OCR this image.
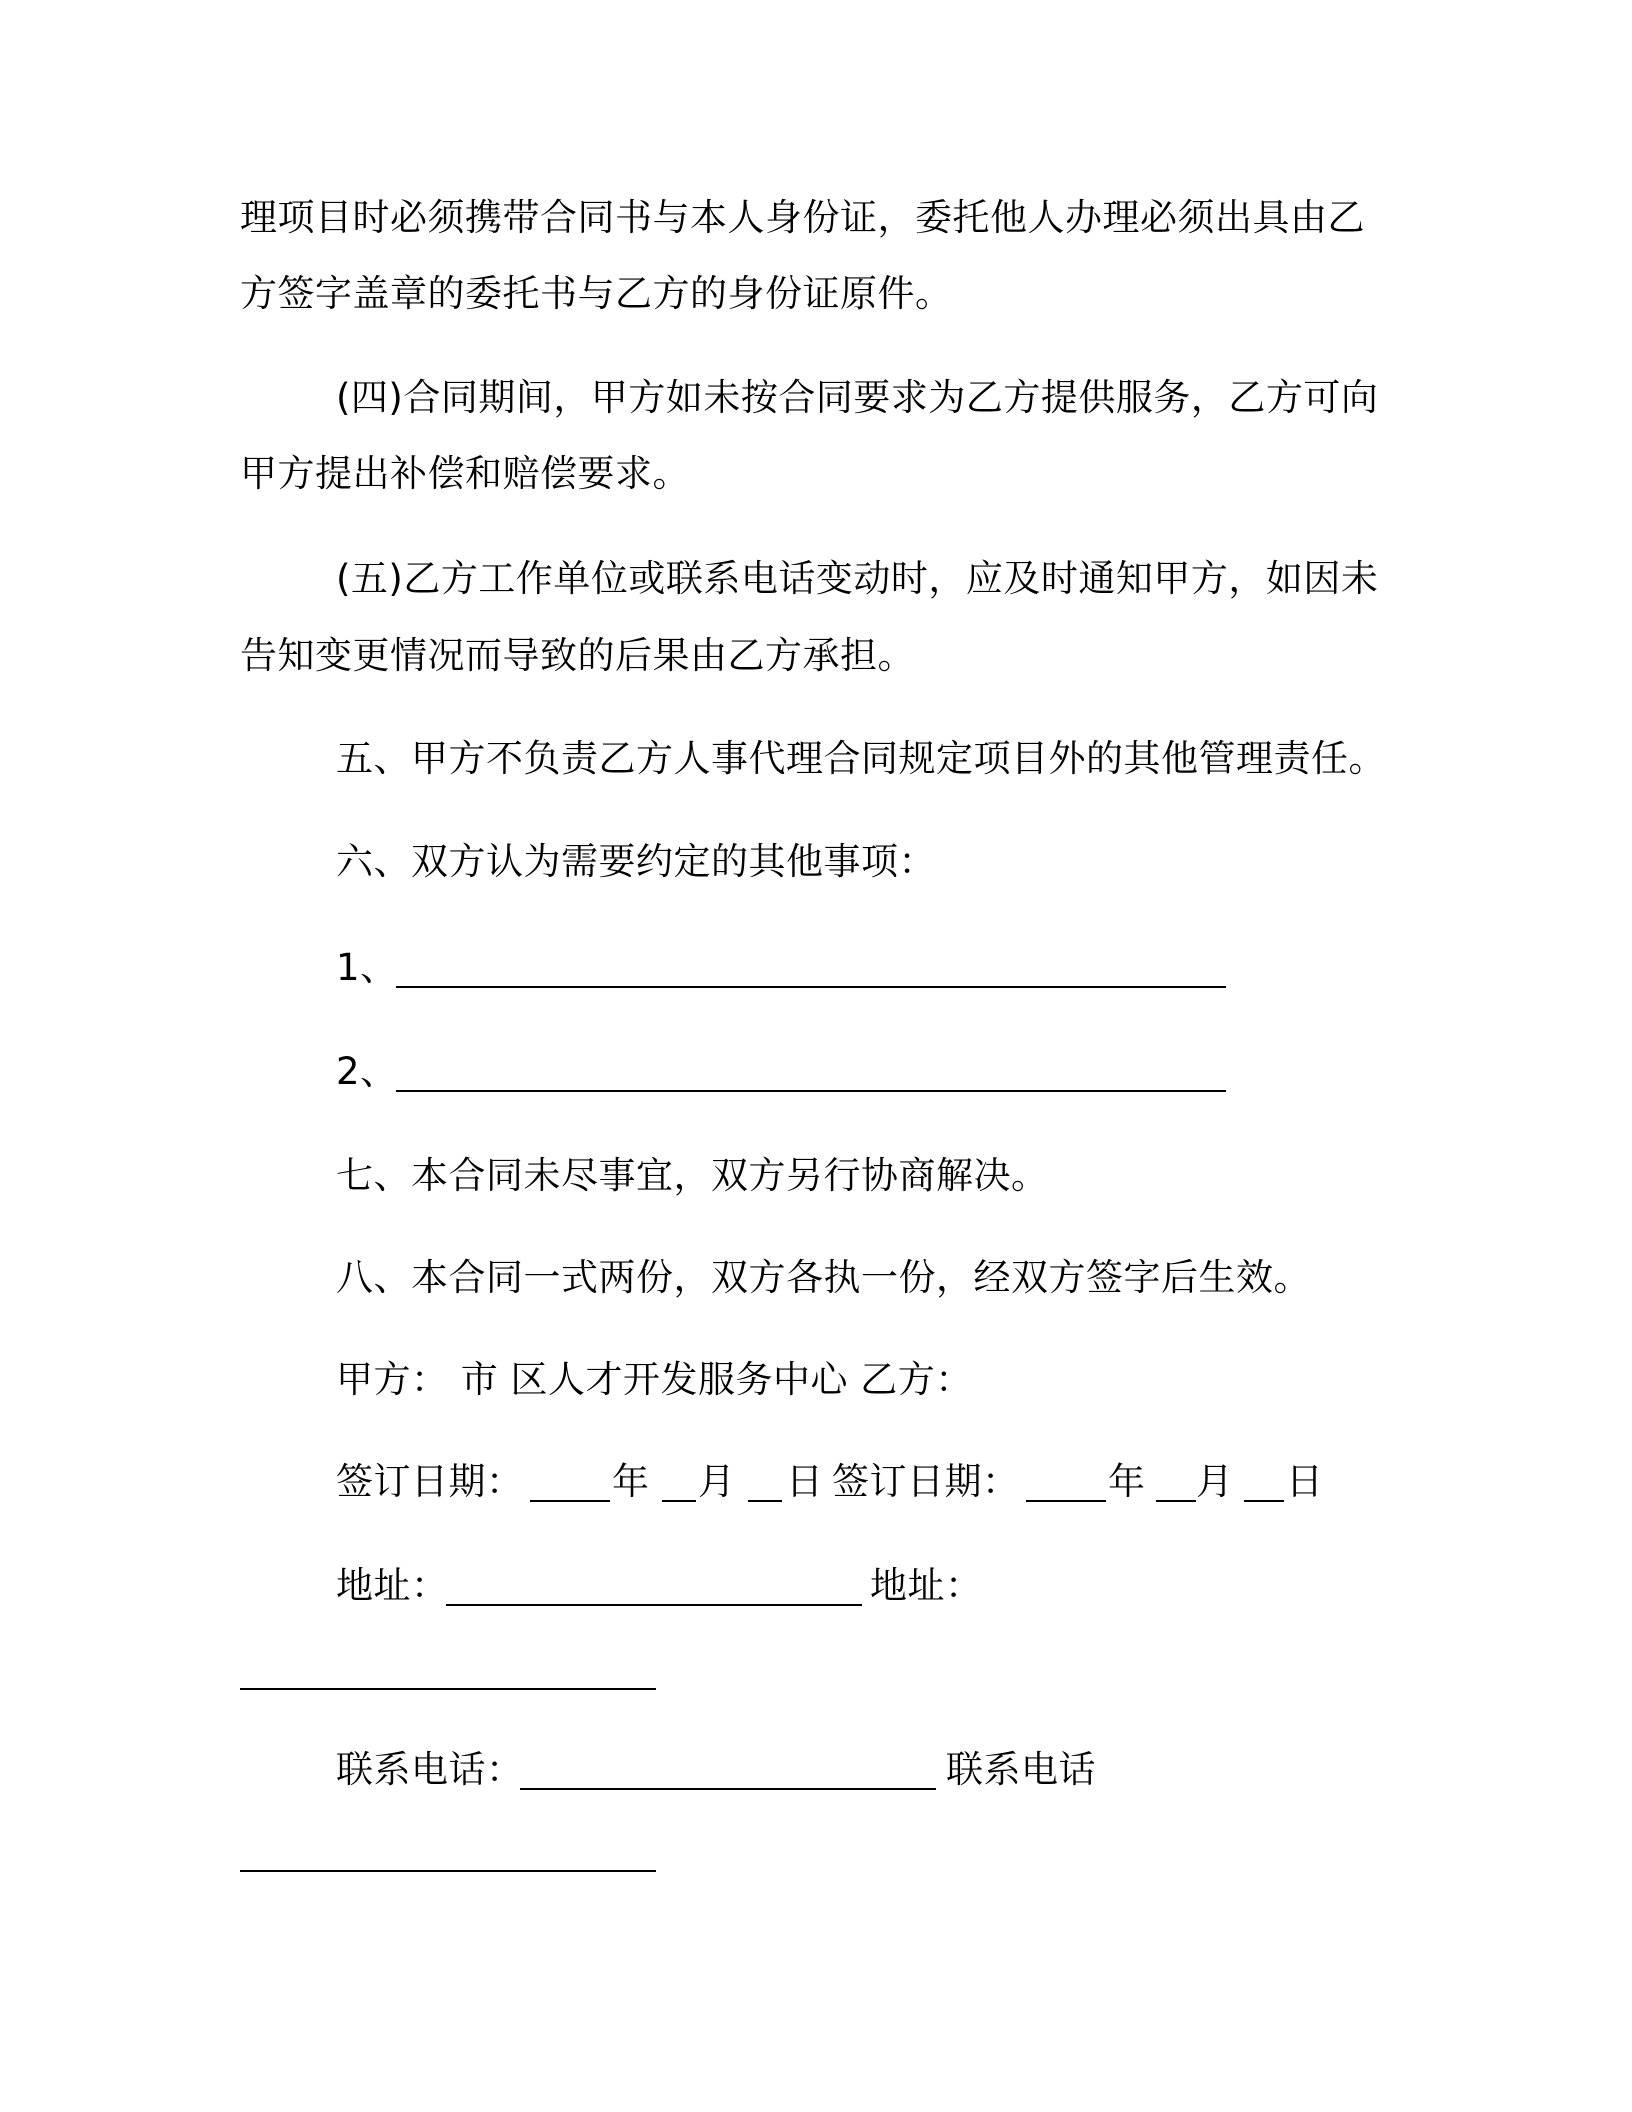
理项目时必须携带合同书与本人身份证，委托他人办理必须出具由乙
方签字盖章的委托书与乙方的身份证原件。
(四)合同期间，甲方如未按合同要求为乙方提供服务，乙方可向
甲方提出补偿和赔偿要求。
(五)乙方工作单位或联系电话变动时，应及时通知甲方，如因未
告知变更情况而导致的后果由乙方承担。
五、甲方不负责乙方人事代理合同规定项目外的其他管理责任。
六、双方认为需要约定的其他事项：
1、
2、
七、本合同未尽事宜，双方另行协商解决。
八、本合同一式两份，双方各执一份，经双方签字后生效。
甲方： 市 区人才开发服务中心 乙方：
签订日期： 年 月 日 签订日期： 年 月 日
地址：	地址：
联系电话：	联系电话
